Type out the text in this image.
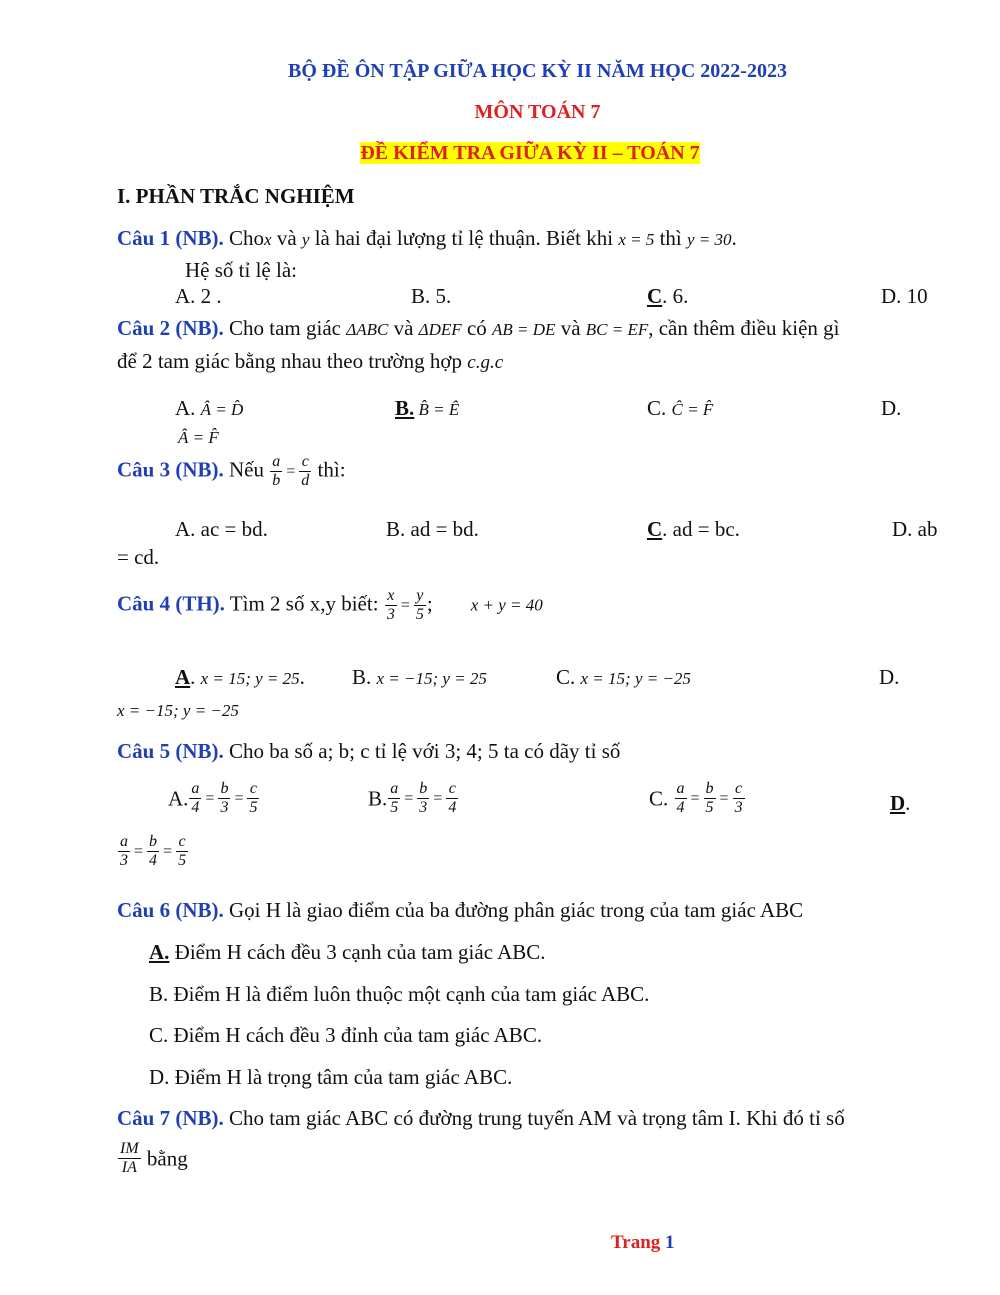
BỘ ĐỀ ÔN TẬP GIỮA HỌC KỲ II NĂM HỌC 2022-2023
MÔN TOÁN 7
ĐỀ KIỂM TRA GIỮA KỲ II – TOÁN 7
I. PHẦN TRẮC NGHIỆM
Câu 1 (NB). Chox và y là hai đại lượng tỉ lệ thuận. Biết khi x = 5 thì y = 30.
Hệ số tỉ lệ là:
A. 2 .	B. 5.	C. 6.	D. 10
Câu 2 (NB). Cho tam giác ΔABC và ΔDEF có AB = DE và BC = EF, cần thêm điều kiện gì
để 2 tam giác bằng nhau theo trường hợp c.g.c
A. Â = D̂	B. B̂ = Ê	C. Ĉ = F̂	D.
Â = F̂
Câu 3 (NB). Nếu $\frac{a}{b} = \frac{c}{d}$ thì:
A. ac = bd.	B. ad = bd.	C. ad = bc.	D. ab
= cd.
Câu 4 (TH). Tìm 2 số x,y biết: $\frac{x}{3} = \frac{y}{5}$ ; x + y = 40
A. x = 15; y = 25. B. x = −15; y = 25	C. x = 15; y = −25	D.
x = −15; y = −25
Câu 5 (NB). Cho ba số a; b; c tỉ lệ với 3; 4; 5 ta có dãy tỉ số
A. $\frac{a}{4} = \frac{b}{3} = \frac{c}{5}$	B. $\frac{a}{5} = \frac{b}{3} = \frac{c}{4}$	C. $\frac{a}{4} = \frac{b}{5} = \frac{c}{3}$	D.
$\frac{a}{3} = \frac{b}{4} = \frac{c}{5}$
Câu 6 (NB). Gọi H là giao điểm của ba đường phân giác trong của tam giác ABC
A. Điểm H cách đều 3 cạnh của tam giác ABC.
B. Điểm H là điểm luôn thuộc một cạnh của tam giác ABC.
C. Điểm H cách đều 3 đỉnh của tam giác ABC.
D. Điểm H là trọng tâm của tam giác ABC.
Câu 7 (NB). Cho tam giác ABC có đường trung tuyến AM và trọng tâm I. Khi đó tỉ số
$\frac{IM}{IA}$ bằng
Trang 1
